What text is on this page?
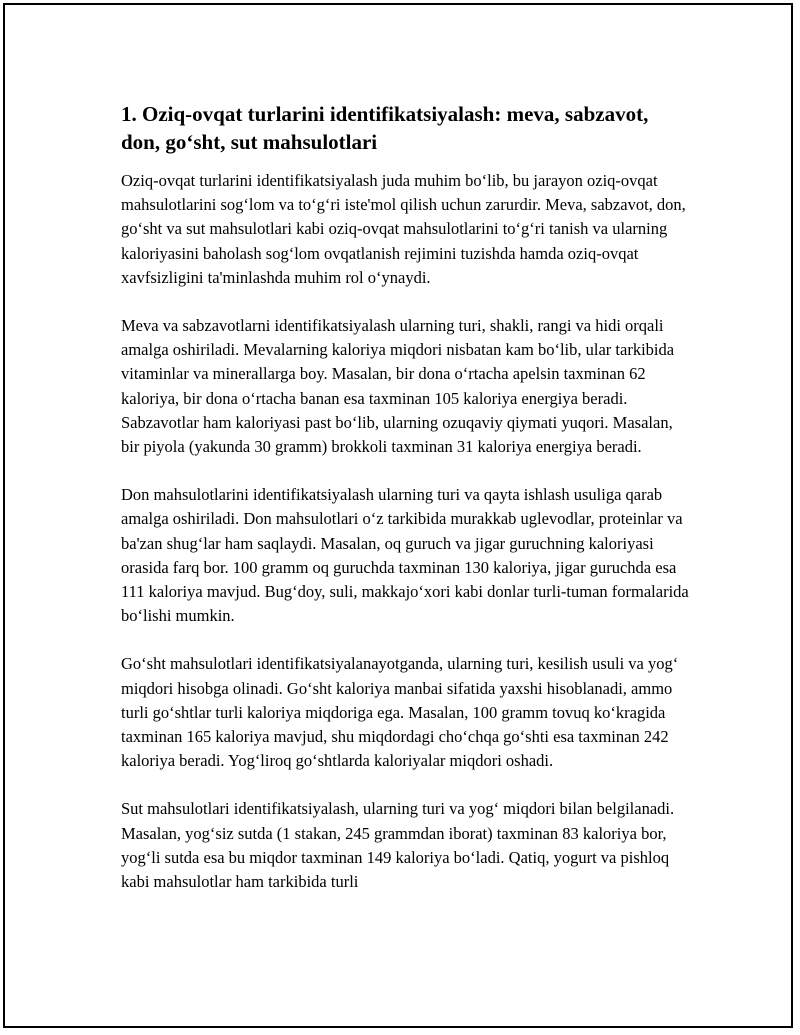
1. Oziq-ovqat turlarini identifikatsiyalash: meva, sabzavot, don, go‘sht, sut mahsulotlari

Oziq-ovqat turlarini identifikatsiyalash juda muhim bo‘lib, bu jarayon oziq-ovqat mahsulotlarini sog‘lom va to‘g‘ri iste'mol qilish uchun zarurdir. Meva, sabzavot, don, go‘sht va sut mahsulotlari kabi oziq-ovqat mahsulotlarini to‘g‘ri tanish va ularning kaloriyasini baholash sog‘lom ovqatlanish rejimini tuzishda hamda oziq-ovqat xavfsizligini ta'minlashda muhim rol o‘ynaydi.

Meva va sabzavotlarni identifikatsiyalash ularning turi, shakli, rangi va hidi orqali amalga oshiriladi. Mevalarning kaloriya miqdori nisbatan kam bo‘lib, ular tarkibida vitaminlar va minerallarga boy. Masalan, bir dona o‘rtacha apelsin taxminan 62 kaloriya, bir dona o‘rtacha banan esa taxminan 105 kaloriya energiya beradi. Sabzavotlar ham kaloriyasi past bo‘lib, ularning ozuqaviy qiymati yuqori. Masalan, bir piyola (yakunda 30 gramm) brokkoli taxminan 31 kaloriya energiya beradi.

Don mahsulotlarini identifikatsiyalash ularning turi va qayta ishlash usuliga qarab amalga oshiriladi. Don mahsulotlari o‘z tarkibida murakkab uglevodlar, proteinlar va ba'zan shug‘lar ham saqlaydi. Masalan, oq guruch va jigar guruchning kaloriyasi orasida farq bor. 100 gramm oq guruchda taxminan 130 kaloriya, jigar guruchda esa 111 kaloriya mavjud. Bug‘doy, suli, makkajo‘xori kabi donlar turli-tuman formalarida bo‘lishi mumkin.

Go‘sht mahsulotlari identifikatsiyalanayotganda, ularning turi, kesilish usuli va yog‘ miqdori hisobga olinadi. Go‘sht kaloriya manbai sifatida yaxshi hisoblanadi, ammo turli go‘shtlar turli kaloriya miqdoriga ega. Masalan, 100 gramm tovuq ko‘kragida taxminan 165 kaloriya mavjud, shu miqdordagi cho‘chqa go‘shti esa taxminan 242 kaloriya beradi. Yog‘liroq go‘shtlarda kaloriyalar miqdori oshadi.

Sut mahsulotlari identifikatsiyalash, ularning turi va yog‘ miqdori bilan belgilanadi. Masalan, yog‘siz sutda (1 stakan, 245 grammdan iborat) taxminan 83 kaloriya bor, yog‘li sutda esa bu miqdor taxminan 149 kaloriya bo‘ladi. Qatiq, yogurt va pishloq kabi mahsulotlar ham tarkibida turli
